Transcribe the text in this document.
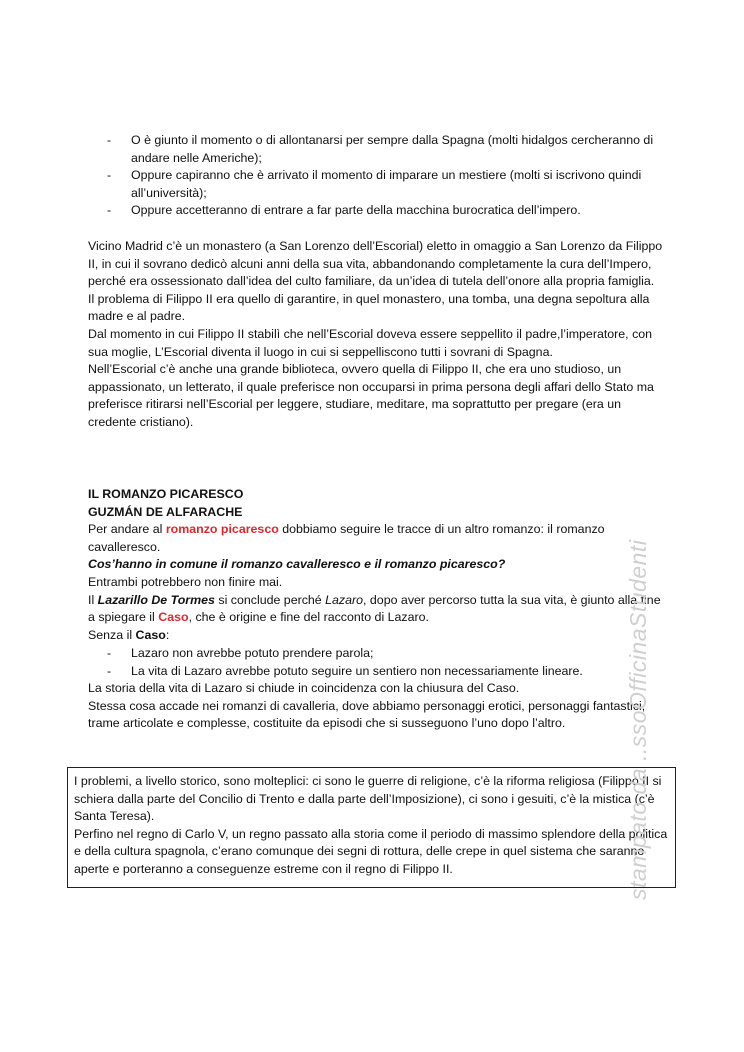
- O è giunto il momento o di allontanarsi per sempre dalla Spagna (molti hidalgos cercheranno di andare nelle Americhe);
- Oppure capiranno che è arrivato il momento di imparare un mestiere (molti si iscrivono quindi all’università);
- Oppure accetteranno di entrare a far parte della macchina burocratica dell’impero.
Vicino Madrid c’è un monastero (a San Lorenzo dell’Escorial) eletto in omaggio a San Lorenzo da Filippo II, in cui il sovrano dedicò alcuni anni della sua vita, abbandonando completamente la cura dell’Impero, perché era ossessionato dall’idea del culto familiare, da un’idea di tutela dell’onore alla propria famiglia.
Il problema di Filippo II era quello di garantire, in quel monastero, una tomba, una degna sepoltura alla madre e al padre.
Dal momento in cui Filippo II stabilì che nell’Escorial doveva essere seppellito il padre,l’imperatore, con sua moglie, L’Escorial diventa il luogo in cui si seppelliscono tutti i sovrani di Spagna.
Nell’Escorial c’è anche una grande biblioteca, ovvero quella di Filippo II, che era uno studioso, un appassionato, un letterato, il quale preferisce non occuparsi in prima persona degli affari dello Stato ma preferisce ritirarsi nell’Escorial per leggere, studiare, meditare, ma soprattutto per pregare (era un credente cristiano).
IL ROMANZO PICARESCO
GUZMÁN DE ALFARACHE
Per andare al romanzo picaresco dobbiamo seguire le tracce di un altro romanzo: il romanzo cavalleresco.
Cos’hanno in comune il romanzo cavalleresco e il romanzo picaresco?
Entrambi potrebbero non finire mai.
Il Lazarillo De Tormes si conclude perché Lazaro, dopo aver percorso tutta la sua vita, è giunto alla fine a spiegare il Caso, che è origine e fine del racconto di Lazaro.
Senza il Caso:
- Lazaro non avrebbe potuto prendere parola;
- La vita di Lazaro avrebbe potuto seguire un sentiero non necessariamente lineare.
La storia della vita di Lazaro si chiude in coincidenza con la chiusura del Caso.
Stessa cosa accade nei romanzi di cavalleria, dove abbiamo personaggi erotici, personaggi fantastici, trame articolate e complesse, costituite da episodi che si susseguono l’uno dopo l’altro.

I problemi, a livello storico, sono molteplici: ci sono le guerre di religione, c’è la riforma religiosa (Filippo II si schiera dalla parte del Concilio di Trento e dalla parte dell’Imposizione), ci sono i gesuiti, c’è la mistica (c’è Santa Teresa).

Perfino nel regno di Carlo V, un regno passato alla storia come il periodo di massimo splendore della politica e della cultura spagnola, c’erano comunque dei segni di rottura, delle crepe in quel sistema che saranno aperte e porteranno a conseguenze estreme con il regno di Filippo II.	stampato da ..ssoOfficinaStudenti
